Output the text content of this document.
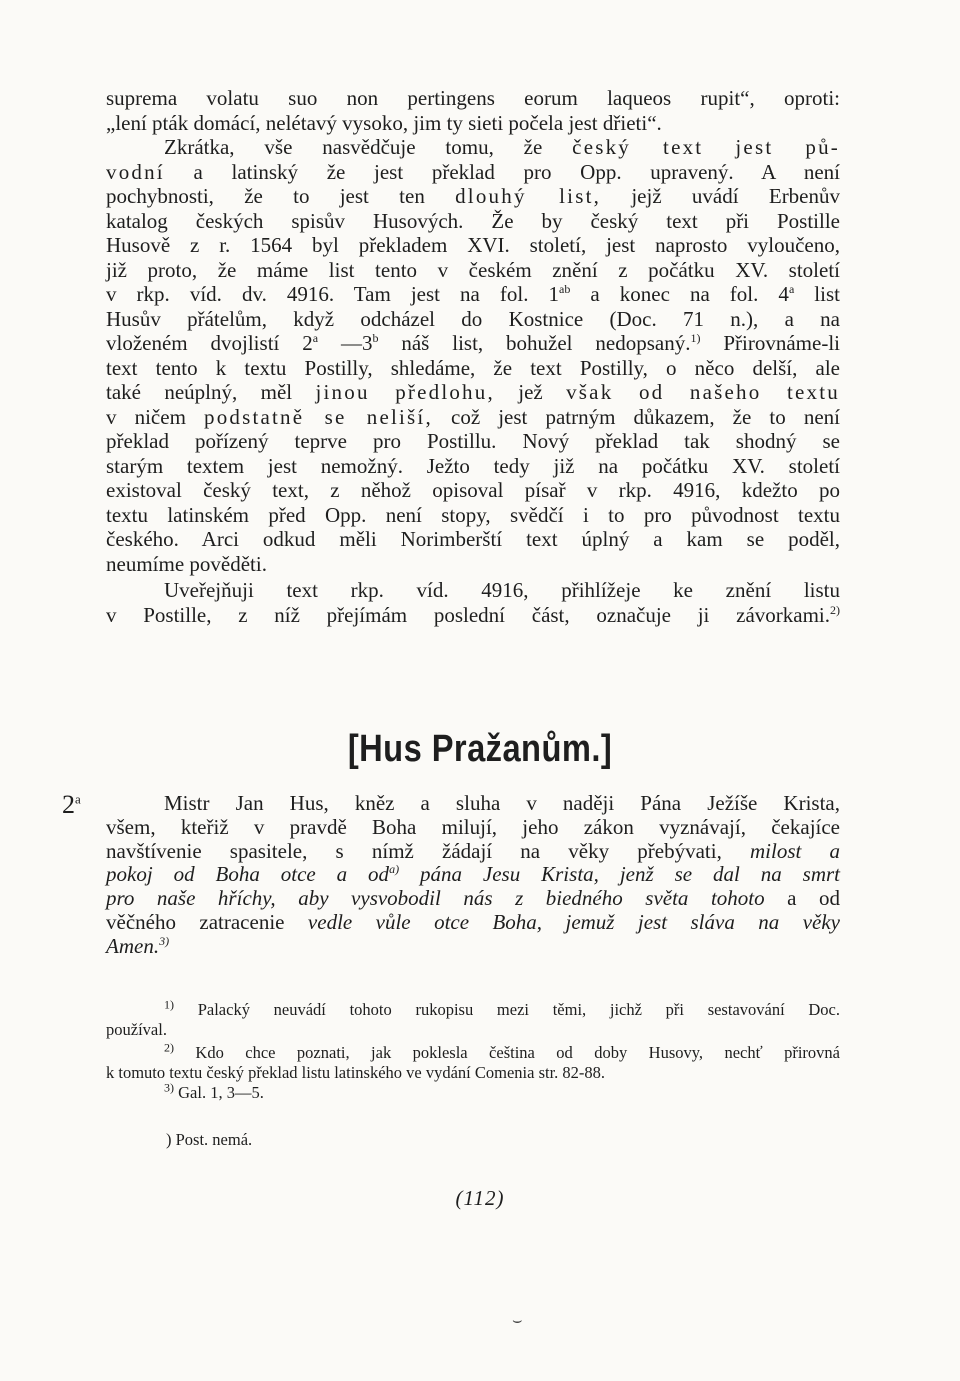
suprema volatu suo non pertingens eorum laqueos rupit“, oproti:
„lení pták domácí, nelétavý vysoko, jim ty sieti počela jest dřieti“.
Zkrátka, vše nasvědčuje tomu, že český text jest pů-
vodní a latinský že jest překlad pro Opp. upravený. A není
pochybnosti, že to jest ten dlouhý list, jejž uvádí Erbenův
katalog českých spisův Husových. Že by český text při Postille
Husově z r. 1564 byl překladem XVI. století, jest naprosto vyloučeno,
již proto, že máme list tento v českém znění z počátku XV. století
v rkp. víd. dv. 4916. Tam jest na fol. $1^{ab}$ a konec na fol. 4$^a$ list
Husův přátelům, když odcházel do Kostnice (Doc. 71 n.), a na
vloženém dvojlistí 2$^a$ —3$^b$ náš list, bohužel nedopsaný.$^{1)}$ Přirovnáme-li
text tento k textu Postilly, shledáme, že text Postilly, o něco delší, ale
také neúplný, měl jinou předlohu, jež však od našeho textu
v ničem podstatně se neliší, což jest patrným důkazem, že to není
překlad pořízený teprve pro Postillu. Nový překlad tak shodný se
starým textem jest nemožný. Ježto tedy již na počátku XV. století
existoval český text, z něhož opisoval písař v rkp. 4916, kdežto po
textu latinském před Opp. není stopy, svědčí i to pro původnost textu
českého. Arci odkud měli Norimberští text úplný a kam se poděl,
neumíme pověděti.
Uveřejňuji text rkp. víd. 4916, přihlížeje ke znění listu
v Postille, z níž přejímám poslední část, označuje ji závorkami.$^{2)}$
[Hus Pražanům.]
2$^a$	Mistr Jan Hus, kněz a sluha v naději Pána Ježíše Krista,
všem, kteřiž v pravdě Boha milují, jeho zákon vyznávají, čekajíce
navštívenie spasitele, s nímž žádají na věky přebývati, milost a
pokoj od Boha otce a $od^{a)}$ pána Jesu Krista, jenž se dal na smrt
pro naše hříchy, aby vysvobodil nás z biedného světa tohoto a od
věčného zatracenie vedle vůle otce Boha, jemuž jest sláva na věky
Amen.$^{3)}$
$^{1)}$ Palacký neuvádí tohoto rukopisu mezi těmi, jichž při sestavování Doc.
používal.
$^{2)}$ Kdo chce poznati, jak poklesla čeština od doby Husovy, nechť přirovná
k tomuto textu český překlad listu latinského ve vydání Comenia str. 82-88.
$^{3)}$ Gal. 1, 3—5.
) Post. nemá.
(112)
⌣
